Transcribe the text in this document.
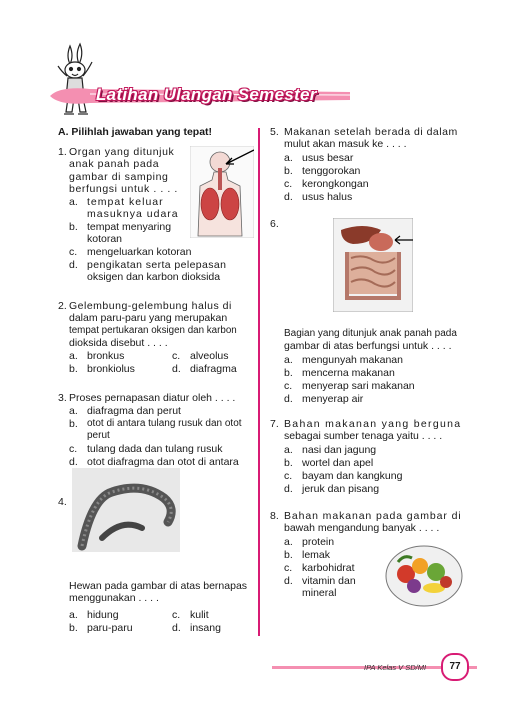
Latihan Ulangan Semester
A. Pilihlah jawaban yang tepat!
1. Organ yang ditunjuk
anak panah pada
gambar di samping
berfungsi untuk . . . .
a. tempat keluar
masuknya udara
b. tempat menyaring
kotoran
c. mengeluarkan kotoran
d. pengikatan serta pelepasan
oksigen dan karbon dioksida
2. Gelembung-gelembung halus di
dalam paru-paru yang merupakan
tempat pertukaran oksigen dan karbon
dioksida disebut . . . .
a. bronkus	c. alveolus
b. bronkiolus	d. diafragma
3. Proses pernapasan diatur oleh . . . .
a. diafragma dan perut
b. otot di antara tulang rusuk dan otot
perut
c. tulang dada dan tulang rusuk
d. otot diafragma dan otot di antara
4.
Hewan pada gambar di atas bernapas
menggunakan . . . .
a. hidung	c. kulit
b. paru-paru	d. insang
5. Makanan setelah berada di dalam
mulut akan masuk ke . . . .
a. usus besar
b. tenggorokan
c. kerongkongan
d. usus halus
6.
Bagian yang ditunjuk anak panah pada
gambar di atas berfungsi untuk . . . .
a. mengunyah makanan
b. mencerna makanan
c. menyerap sari makanan
d. menyerap air
7. Bahan makanan yang berguna
sebagai sumber tenaga yaitu . . . .
a. nasi dan jagung
b. wortel dan apel
c. bayam dan kangkung
d. jeruk dan pisang
8. Bahan makanan pada gambar di
bawah mengandung banyak . . . .
a. protein
b. lemak
c. karbohidrat
d. vitamin dan
mineral
IPA Kelas V SD/MI	77
